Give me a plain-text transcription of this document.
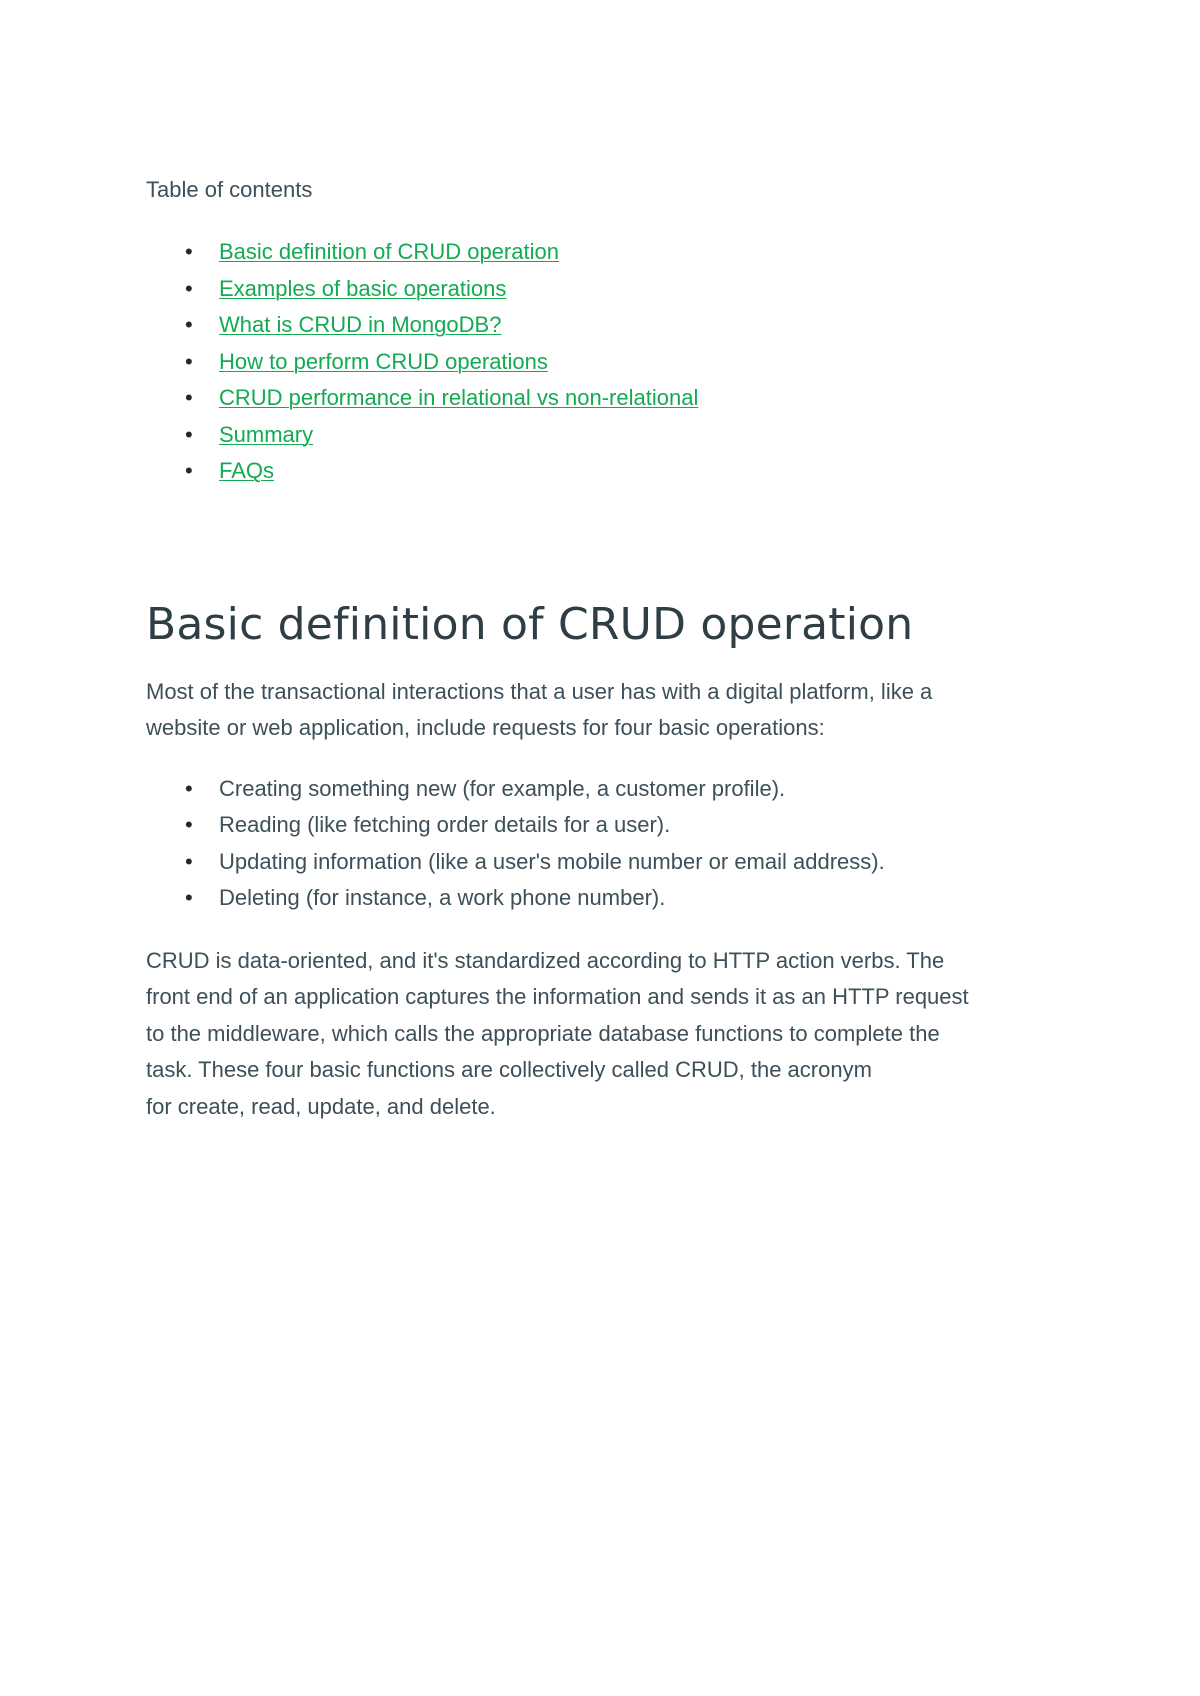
Table of contents
• Basic definition of CRUD operation
• Examples of basic operations
• What is CRUD in MongoDB?
• How to perform CRUD operations
• CRUD performance in relational vs non-relational
• Summary
• FAQs
Basic definition of CRUD operation

Most of the transactional interactions that a user has with a digital platform, like a
website or web application, include requests for four basic operations:

• Creating something new (for example, a customer profile).
• Reading (like fetching order details for a user).
• Updating information (like a user's mobile number or email address).
• Deleting (for instance, a work phone number).

CRUD is data-oriented, and it's standardized according to HTTP action verbs. The
front end of an application captures the information and sends it as an HTTP request
to the middleware, which calls the appropriate database functions to complete the
task. These four basic functions are collectively called CRUD, the acronym
for create, read, update, and delete.
